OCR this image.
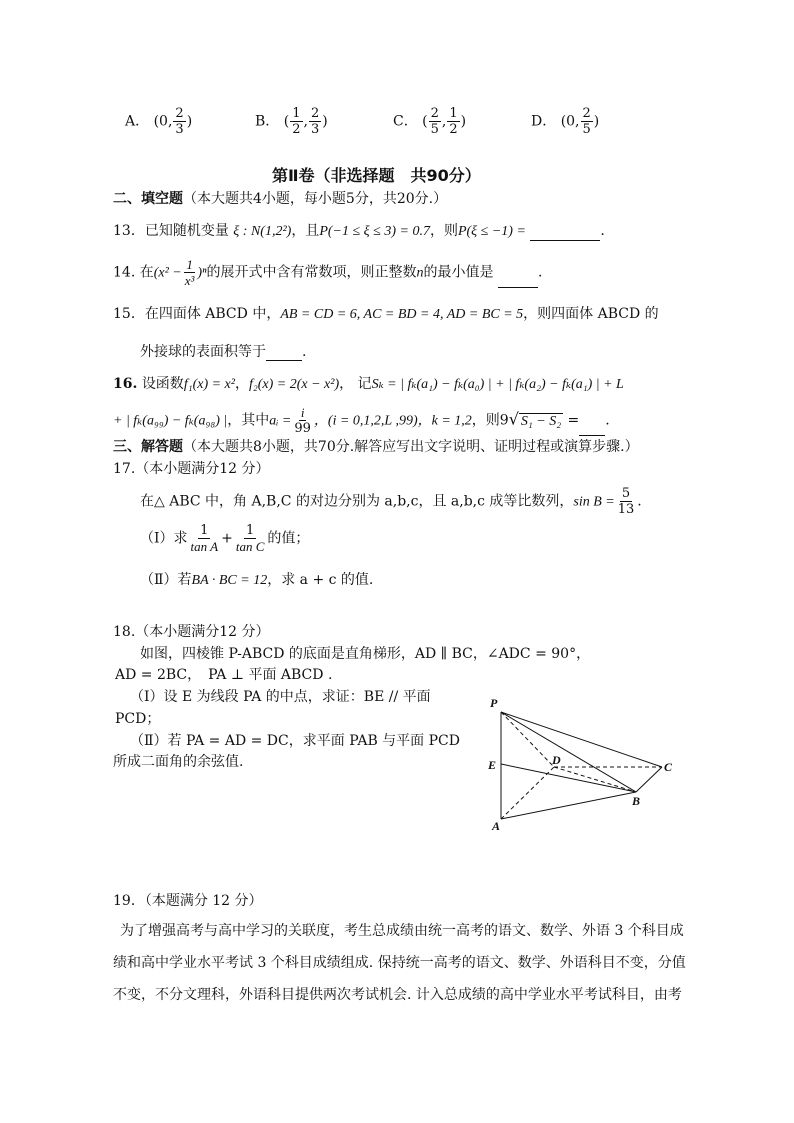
A． (0, $\frac{2}{3}$ )	B． ( $\frac{1}{2}$ , $\frac{2}{3}$ )	C． ( $\frac{2}{5}$ , $\frac{1}{2}$ )	D． (0, $\frac{2}{5}$ )
第Ⅱ卷（非选择题　共90分）
二、填空题（本大题共4小题，每小题5分，共20分.）
13．已知随机变量 ξ : N(1,2²)，且P(−1 ≤ ξ ≤ 3) = 0.7，则P(ξ ≤ −1) =	.
14. 在$(x^2 - \frac{1}{\text{x³}} )^n$的展开式中含有常数项，则正整数n的最小值是	.
15．在四面体 ABCD 中，AB = CD = 6, AC = BD = 4, AD = BC = 5，则四面体 ABCD 的
外接球的表面积等于	.
16. 设函数f₁(x) = x²，f₂(x) = 2(x − x²)， 记Sₖ = | fₖ(a₁) − fₖ(a₀) | + | fₖ(a₂) − fₖ(a₁) | + L
+ | fₖ(a₉₉) − fₖ(a₉₈) |，其中aᵢ = $\frac{i}{99}$ ，(i = 0,1,2,L ,99)，k = 1,2，则9√ S₁ − S₂ = .
三、解答题（本大题共8小题，共70分.解答应写出文字说明、证明过程或演算步骤.）
17.（本小题满分12 分）
在△ ABC 中，角 A,B,C 的对边分别为 a,b,c，且 a,b,c 成等比数列，$\sin B = \frac{5}{13}$ .
（Ⅰ）求 $\frac{1}{\text{tan A}} + \frac{1}{\text{tan C}}$ 的值；
（Ⅱ）若BA · BC = 12，求 a + c 的值.
18.（本小题满分12 分）
如图，四棱锥 P-ABCD 的底面是直角梯形，AD ∥ BC，∠ADC = 90°，
AD = 2BC，　PA ⊥ 平面 ABCD .
（Ⅰ）设 E 为线段 PA 的中点，求证：BE // 平面
PCD；
（Ⅱ）若 PA = AD = DC，求平面 PAB 与平面 PCD
所成二面角的余弦值.
P
E	D	C
B
A
19．（本题满分 12 分）
为了增强高考与高中学习的关联度，考生总成绩由统一高考的语文、数学、外语 3 个科目成
绩和高中学业水平考试 3 个科目成绩组成. 保持统一高考的语文、数学、外语科目不变，分值
不变，不分文理科，外语科目提供两次考试机会. 计入总成绩的高中学业水平考试科目，由考
